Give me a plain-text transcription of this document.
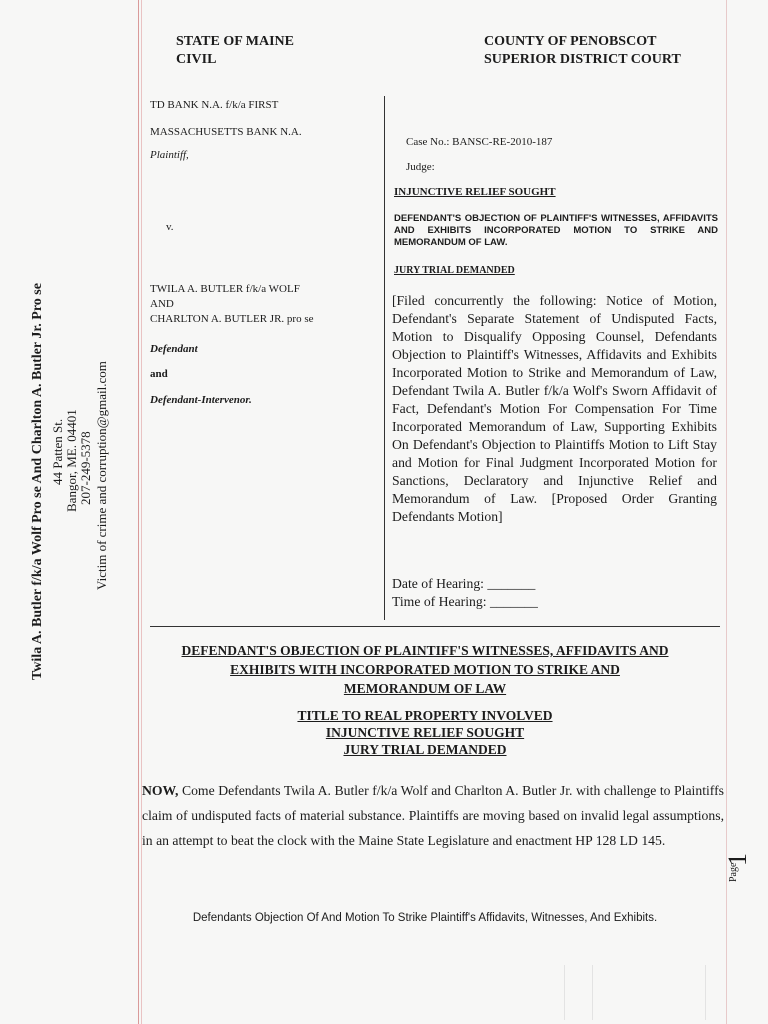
Twila A. Butler f/k/a Wolf Pro se And Charlton A. Butler Jr. Pro se 44 Patten St. Bangor, ME. 04401 207-249-5378 Victim of crime and corruption@gmail.com
STATE OF MAINE
CIVIL
COUNTY OF PENOBSCOT
SUPERIOR DISTRICT COURT
TD BANK N.A. f/k/a FIRST
MASSACHUSETTS BANK N.A.
Plaintiff,
v.
TWILA A. BUTLER f/k/a WOLF
AND
CHARLTON A. BUTLER JR. pro se
Defendant
and
Defendant-Intervenor.
Case No.: BANSC-RE-2010-187
Judge:
INJUNCTIVE RELIEF SOUGHT
DEFENDANT'S OBJECTION OF PLAINTIFF'S WITNESSES, AFFIDAVITS AND EXHIBITS INCORPORATED MOTION TO STRIKE AND MEMORANDUM OF LAW.
JURY TRIAL DEMANDED
[Filed concurrently the following: Notice of Motion, Defendant's Separate Statement of Undisputed Facts, Motion to Disqualify Opposing Counsel, Defendants Objection to Plaintiff's Witnesses, Affidavits and Exhibits Incorporated Motion to Strike and Memorandum of Law, Defendant Twila A. Butler f/k/a Wolf's Sworn Affidavit of Fact, Defendant's Motion For Compensation For Time Incorporated Memorandum of Law, Supporting Exhibits On Defendant's Objection to Plaintiffs Motion to Lift Stay and Motion for Final Judgment Incorporated Motion for Sanctions, Declaratory and Injunctive Relief and Memorandum of Law. [Proposed Order Granting Defendants Motion]
Date of Hearing: _______
Time of Hearing: _______
DEFENDANT'S OBJECTION OF PLAINTIFF'S WITNESSES, AFFIDAVITS AND
EXHIBITS WITH INCORPORATED MOTION TO STRIKE AND
MEMORANDUM OF LAW
TITLE TO REAL PROPERTY INVOLVED
INJUNCTIVE RELIEF SOUGHT
JURY TRIAL DEMANDED
NOW, Come Defendants Twila A. Butler f/k/a Wolf and Charlton A. Butler Jr. with challenge to Plaintiffs claim of undisputed facts of material substance. Plaintiffs are moving based on invalid legal assumptions, in an attempt to beat the clock with the Maine State Legislature and enactment HP 128 LD 145.
Page
1
Defendants Objection Of And Motion To Strike Plaintiff's Affidavits, Witnesses, And Exhibits.
